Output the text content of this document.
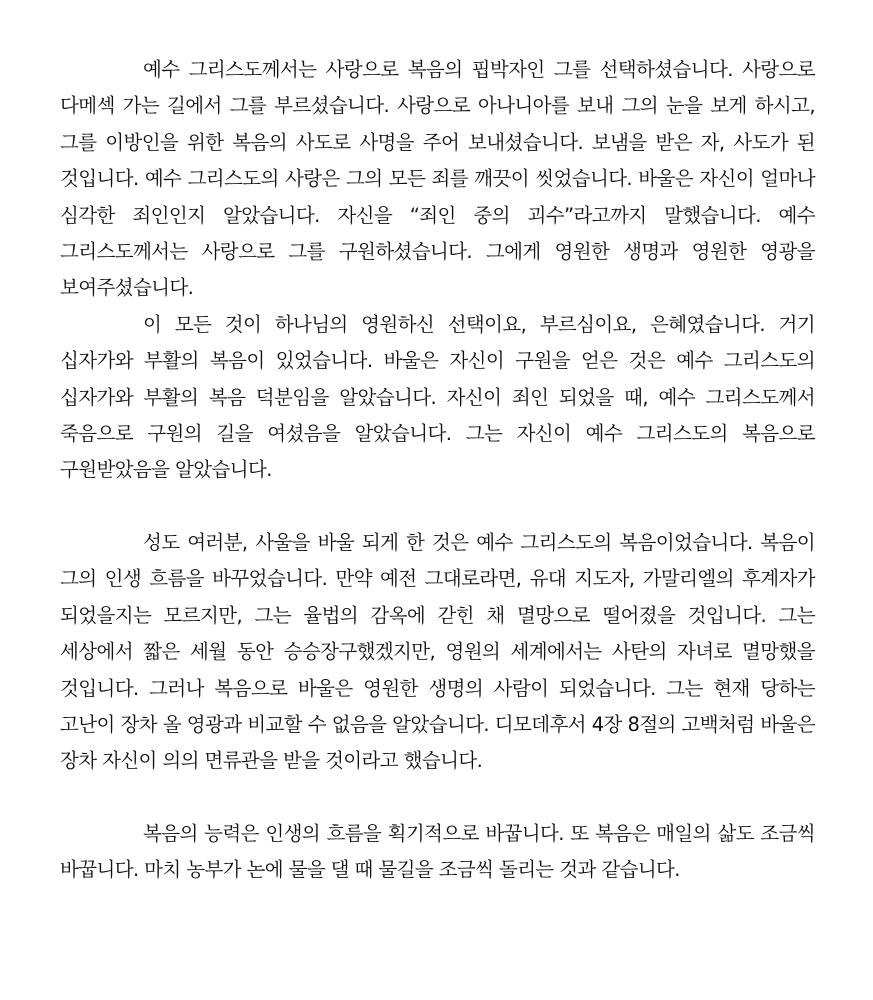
예수 그리스도께서는 사랑으로 복음의 핍박자인 그를 선택하셨습니다. 사랑으로 다메섹 가는 길에서 그를 부르셨습니다. 사랑으로 아나니아를 보내 그의 눈을 보게 하시고, 그를 이방인을 위한 복음의 사도로 사명을 주어 보내셨습니다. 보냄을 받은 자, 사도가 된 것입니다. 예수 그리스도의 사랑은 그의 모든 죄를 깨끗이 씻었습니다. 바울은 자신이 얼마나 심각한 죄인인지 알았습니다. 자신을 “죄인 중의 괴수”라고까지 말했습니다. 예수 그리스도께서는 사랑으로 그를 구원하셨습니다. 그에게 영원한 생명과 영원한 영광을 보여주셨습니다.

이 모든 것이 하나님의 영원하신 선택이요, 부르심이요, 은혜였습니다. 거기 십자가와 부활의 복음이 있었습니다. 바울은 자신이 구원을 얻은 것은 예수 그리스도의 십자가와 부활의 복음 덕분임을 알았습니다. 자신이 죄인 되었을 때, 예수 그리스도께서 죽음으로 구원의 길을 여셨음을 알았습니다. 그는 자신이 예수 그리스도의 복음으로 구원받았음을 알았습니다.

성도 여러분, 사울을 바울 되게 한 것은 예수 그리스도의 복음이었습니다. 복음이 그의 인생 흐름을 바꾸었습니다. 만약 예전 그대로라면, 유대 지도자, 가말리엘의 후계자가 되었을지는 모르지만, 그는 율법의 감옥에 갇힌 채 멸망으로 떨어졌을 것입니다. 그는 세상에서 짧은 세월 동안 승승장구했겠지만, 영원의 세계에서는 사탄의 자녀로 멸망했을 것입니다. 그러나 복음으로 바울은 영원한 생명의 사람이 되었습니다. 그는 현재 당하는 고난이 장차 올 영광과 비교할 수 없음을 알았습니다. 디모데후서 4장 8절의 고백처럼 바울은 장차 자신이 의의 면류관을 받을 것이라고 했습니다.

복음의 능력은 인생의 흐름을 획기적으로 바꿉니다. 또 복음은 매일의 삶도 조금씩 바꿉니다. 마치 농부가 논에 물을 댈 때 물길을 조금씩 돌리는 것과 같습니다.
